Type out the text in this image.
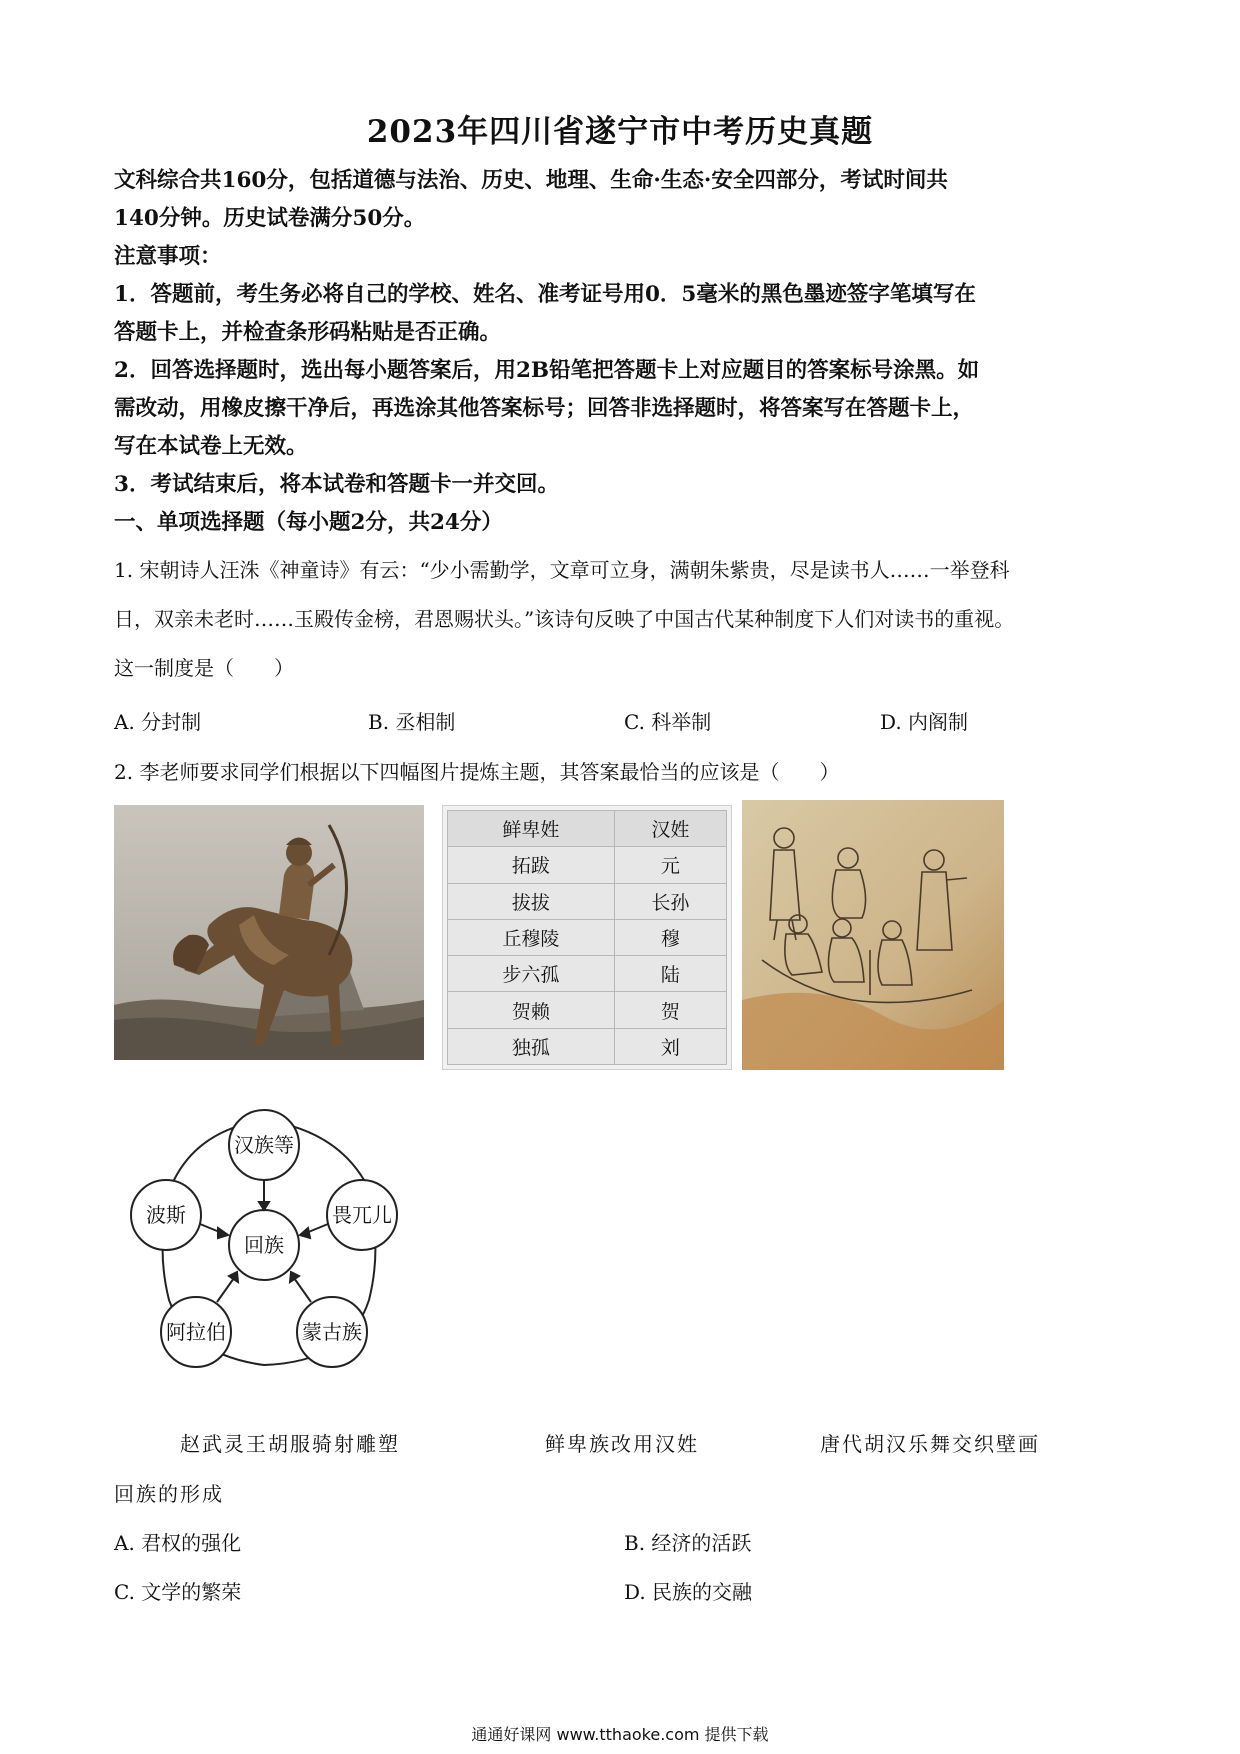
2023年四川省遂宁市中考历史真题

文科综合共160分，包括道德与法治、历史、地理、生命·生态·安全四部分，考试时间共

140分钟。历史试卷满分50分。

注意事项：

1．答题前，考生务必将自己的学校、姓名、准考证号用0．5毫米的黑色墨迹签字笔填写在

答题卡上，并检查条形码粘贴是否正确。

2．回答选择题时，选出每小题答案后，用2B铅笔把答题卡上对应题目的答案标号涂黑。如

需改动，用橡皮擦干净后，再选涂其他答案标号；回答非选择题时，将答案写在答题卡上，

写在本试卷上无效。

3．考试结束后，将本试卷和答题卡一并交回。

一、单项选择题（每小题2分，共24分）

1. 宋朝诗人汪洙《神童诗》有云：“少小需勤学，文章可立身，满朝朱紫贵，尽是读书人……一举登科

日，双亲未老时……玉殿传金榜，君恩赐状头。”该诗句反映了中国古代某种制度下人们对读书的重视。

这一制度是（　　）

A. 分封制	B. 丞相制	C. 科举制	D. 内阁制
2. 李老师要求同学们根据以下四幅图片提炼主题，其答案最恰当的应该是（　　）
鲜卑姓	汉姓
拓跋	元
拔拔	长孙
丘穆陵	穆
步六孤	陆
贺赖	贺
独孤	刘
回族
汉族等
畏兀儿
蒙古族
阿拉伯
波斯
赵武灵王胡服骑射雕塑	鲜卑族改用汉姓	唐代胡汉乐舞交织壁画
回族的形成
A. 君权的强化	B. 经济的活跃
C. 文学的繁荣	D. 民族的交融
通通好课网 www.tthaoke.com 提供下载
